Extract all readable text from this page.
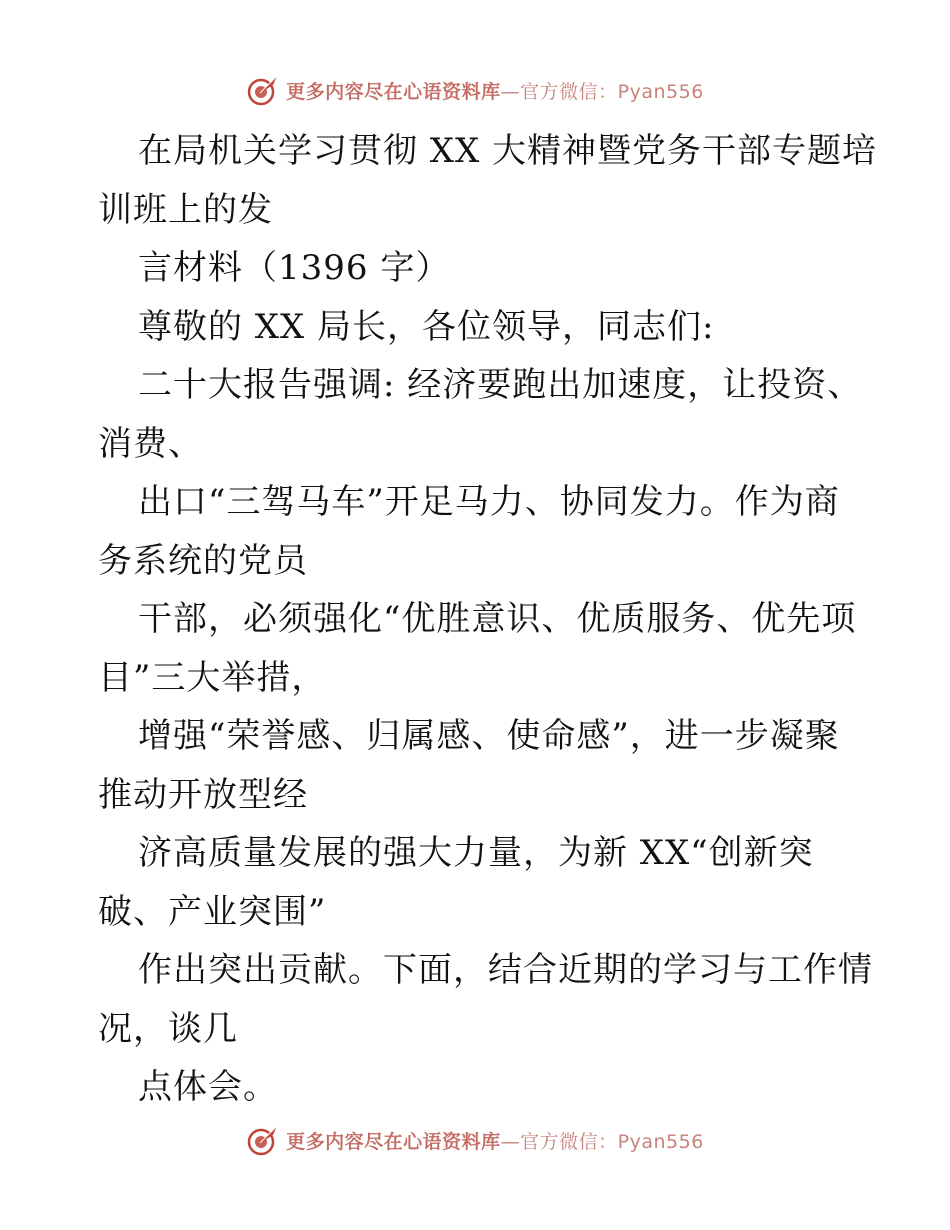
更多内容尽在心语资料库—官方微信：Pyan556
在局机关学习贯彻 XX 大精神暨党务干部专题培
训班上的发
言材料（1396 字）
尊敬的 XX 局长，各位领导，同志们:
二十大报告强调: 经济要跑出加速度，让投资、
消费、
出口“三驾马车”开足马力、协同发力。作为商
务系统的党员
干部，必须强化“优胜意识、优质服务、优先项
目”三大举措，
增强“荣誉感、归属感、使命感”，进一步凝聚
推动开放型经
济高质量发展的强大力量，为新 XX“创新突
破、产业突围”
作出突出贡献。下面，结合近期的学习与工作情
况，谈几
点体会。
更多内容尽在心语资料库—官方微信：Pyan556
